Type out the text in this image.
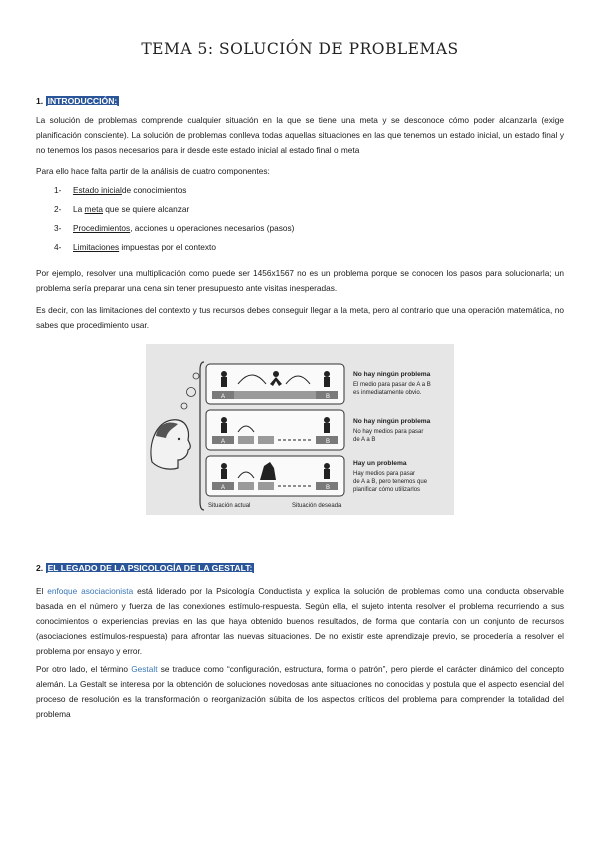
TEMA 5: SOLUCIÓN DE PROBLEMAS
1. INTRODUCCIÓN:
La solución de problemas comprende cualquier situación en la que se tiene una meta y se desconoce cómo poder alcanzarla (exige planificación consciente). La solución de problemas conlleva todas aquellas situaciones en las que tenemos un estado inicial, un estado final y no tenemos los pasos necesarios para ir desde este estado inicial al estado final o meta
Para ello hace falta partir de la análisis de cuatro componentes:
1-	Estado inicial de conocimientos
2-	La meta que se quiere alcanzar
3-	Procedimientos , acciones u operaciones necesarios (pasos)
4-	Limitaciones impuestas por el contexto
Por ejemplo, resolver una multiplicación como puede ser 1456x1567 no es un problema porque se conocen los pasos para solucionarla; un problema sería preparar una cena sin tener presupuesto ante visitas inesperadas.
Es decir, con las limitaciones del contexto y tus recursos debes conseguir llegar a la meta, pero al contrario que una operación matemática, no sabes que procedimiento usar.
A	B
No hay ningún problema
El medio para pasar de A a B
es inmediatamente obvio.
A	B
No hay ningún problema
No hay medios para pasar
de A a B
A	B
Hay un problema
Hay medios para pasar
de A a B, pero tenemos que
planificar cómo utilizarlos
Situación actual	Situación deseada
2. EL LEGADO DE LA PSICOLOGÍA DE LA GESTALT:
El enfoque asociacionista está liderado por la Psicología Conductista y explica la solución de problemas como una conducta observable basada en el número y fuerza de las conexiones estímulo-respuesta. Según ella, el sujeto intenta resolver el problema recurriendo a sus conocimientos o experiencias previas en las que haya obtenido buenos resultados, de forma que contaría con un conjunto de recursos (asociaciones estímulos-respuesta) para afrontar las nuevas situaciones. De no existir este aprendizaje previo, se procedería a resolver el problema por ensayo y error.
Por otro lado, el término Gestalt se traduce como “configuración, estructura, forma o patrón”, pero pierde el carácter dinámico del concepto alemán. La Gestalt se interesa por la obtención de soluciones novedosas ante situaciones no conocidas y postula que el aspecto esencial del proceso de resolución es la transformación o reorganización súbita de los aspectos críticos del problema para comprender la totalidad del problema
